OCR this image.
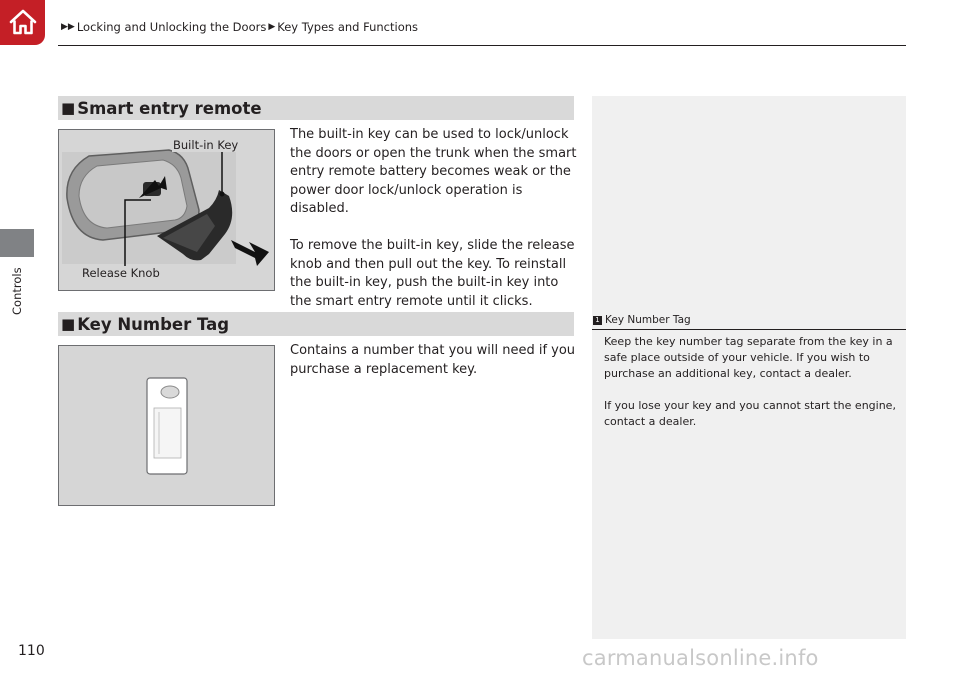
▶▶ Locking and Unlocking the Doors ▶ Key Types and Functions
Controls
■ Smart entry remote
Built-in Key
Release Knob

The built-in key can be used to lock/unlock the doors or open the trunk when the smart entry remote battery becomes weak or the power door lock/unlock operation is disabled.

To remove the built-in key, slide the release knob and then pull out the key. To reinstall the built-in key, push the built-in key into the smart entry remote until it clicks.

■ Key Number Tag

Contains a number that you will need if you purchase a replacement key.

1 Key Number Tag

Keep the key number tag separate from the key in a safe place outside of your vehicle. If you wish to purchase an additional key, contact a dealer.

If you lose your key and you cannot start the engine, contact a dealer.

110	carmanualsonline.info
